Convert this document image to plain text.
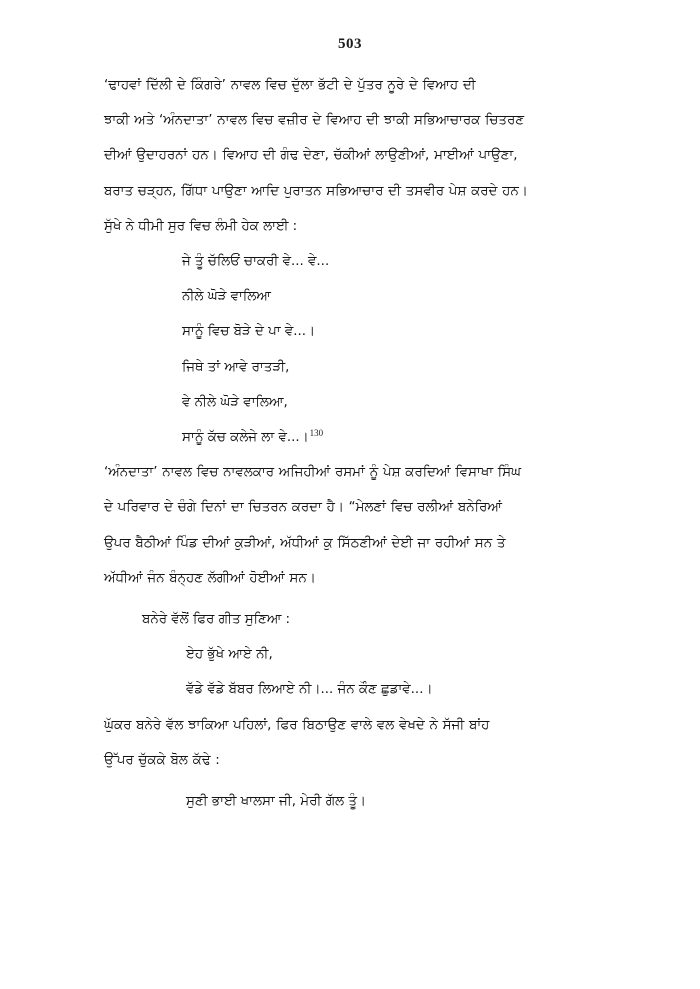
503
‘ਢਾਹਵਾਂ ਦਿੱਲੀ ਦੇ ਕਿੰਗਰੇ’ ਨਾਵਲ ਵਿਚ ਦੁੱਲਾ ਭੱਟੀ ਦੇ ਪੁੱਤਰ ਨੂਰੇ ਦੇ ਵਿਆਹ ਦੀ
ਝਾਕੀ ਅਤੇ ‘ਅੰਨਦਾਤਾ’ ਨਾਵਲ ਵਿਚ ਵਜ਼ੀਰ ਦੇ ਵਿਆਹ ਦੀ ਝਾਕੀ ਸਭਿਆਚਾਰਕ ਚਿਤਰਣ
ਦੀਆਂ ਉਦਾਹਰਨਾਂ ਹਨ। ਵਿਆਹ ਦੀ ਗੰਢ ਦੇਣਾ, ਚੱਕੀਆਂ ਲਾਉਣੀਆਂ, ਮਾਈਆਂ ਪਾਉਣਾ,
ਬਰਾਤ ਚੜ੍ਹਨ, ਗਿੱਧਾ ਪਾਉਣਾ ਆਦਿ ਪੁਰਾਤਨ ਸਭਿਆਚਾਰ ਦੀ ਤਸਵੀਰ ਪੇਸ਼ ਕਰਦੇ ਹਨ।
ਸੁੱਖੇ ਨੇ ਧੀਮੀ ਸੁਰ ਵਿਚ ਲੰਮੀ ਹੇਕ ਲਾਈ :
ਜੇ ਤੂੰ ਚੱਲਿਓਂ ਚਾਕਰੀ ਵੇ... ਵੇ...
ਨੀਲੇ ਘੋੜੇ ਵਾਲਿਆ
ਸਾਨੂੰ ਵਿਚ ਬੋੜੇ ਦੇ ਪਾ ਵੇ...।
ਜਿਥੇ ਤਾਂ ਆਵੇ ਰਾਤੜੀ,
ਵੇ ਨੀਲੇ ਘੋੜੇ ਵਾਲਿਆ,
ਸਾਨੂੰ ਕੱਚ ਕਲੇਜੇ ਲਾ ਵੇ...।$^{130}$
‘ਅੰਨਦਾਤਾ’ ਨਾਵਲ ਵਿਚ ਨਾਵਲਕਾਰ ਅਜਿਹੀਆਂ ਰਸਮਾਂ ਨੂੰ ਪੇਸ਼ ਕਰਦਿਆਂ ਵਿਸਾਖਾ ਸਿੰਘ
ਦੇ ਪਰਿਵਾਰ ਦੇ ਚੰਗੇ ਦਿਨਾਂ ਦਾ ਚਿਤਰਨ ਕਰਦਾ ਹੈ। “ਮੇਲਣਾਂ ਵਿਚ ਰਲੀਆਂ ਬਨੇਰਿਆਂ
ਉਪਰ ਬੈਠੀਆਂ ਪਿੰਡ ਦੀਆਂ ਕੁੜੀਆਂ, ਅੱਧੀਆਂ ਕੁ ਸਿੱਠਣੀਆਂ ਦੇਈ ਜਾ ਰਹੀਆਂ ਸਨ ਤੇ
ਅੱਧੀਆਂ ਜੰਨ ਬੰਨ੍ਹਣ ਲੱਗੀਆਂ ਹੋਈਆਂ ਸਨ।
ਬਨੇਰੇ ਵੱਲੋਂ ਫਿਰ ਗੀਤ ਸੁਣਿਆ :
ਏਹ ਭੁੱਖੇ ਆਏ ਨੀ,
ਵੱਡੇ ਵੱਡੇ ਬੱਬਰ ਲਿਆਏ ਨੀ।... ਜੰਨ ਕੌਣ ਛੁਡਾਵੇ...।
ਘੁੱਕਰ ਬਨੇਰੇ ਵੱਲ ਝਾਕਿਆ ਪਹਿਲਾਂ, ਫਿਰ ਬਿਠਾਉਣ ਵਾਲੇ ਵਲ ਵੇਖਦੇ ਨੇ ਸੱਜੀ ਬਾਂਹ
ਉੱਪਰ ਚੁੱਕਕੇ ਬੋਲ ਕੱਢੇ :
ਸੁਣੀ ਭਾਈ ਖਾਲਸਾ ਜੀ, ਮੇਰੀ ਗੱਲ ਤੂੰ।
